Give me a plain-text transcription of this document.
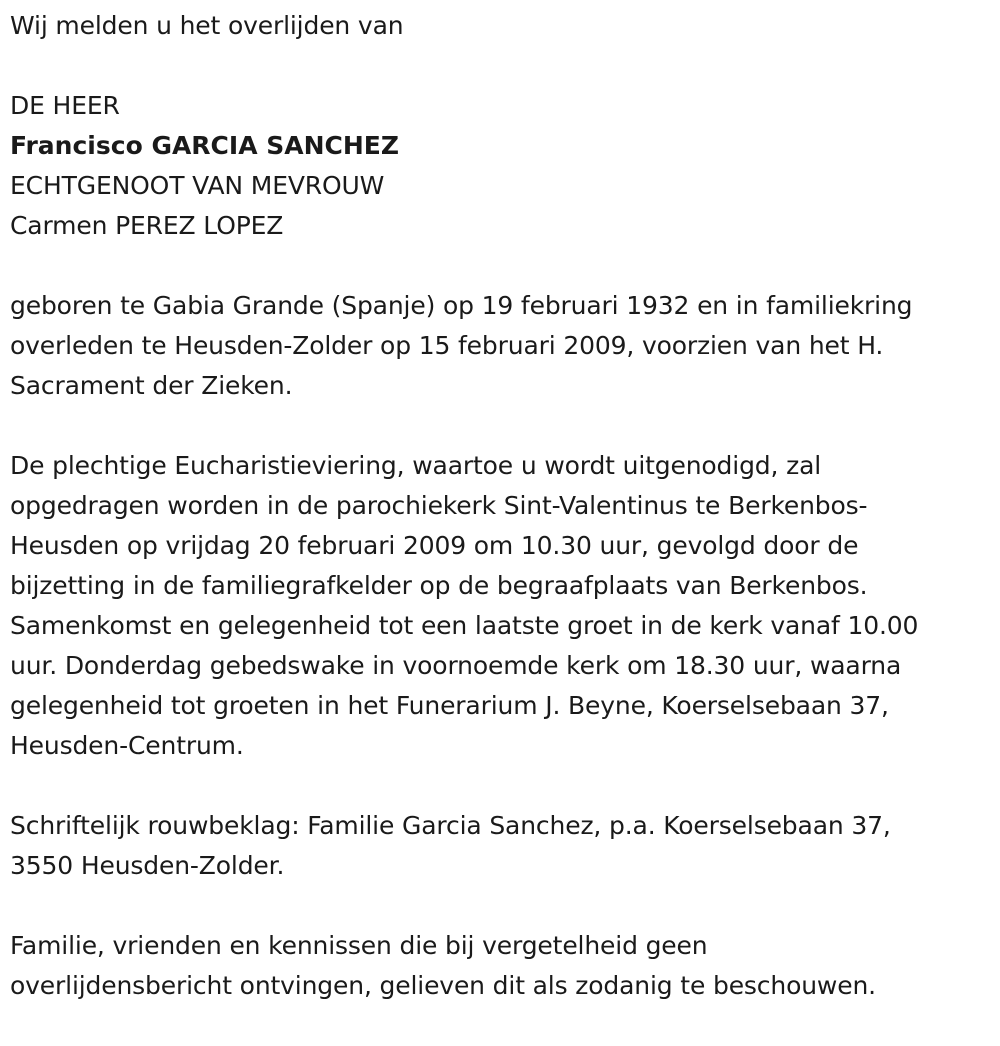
Wij melden u het overlijden van
DE HEER
Francisco GARCIA SANCHEZ
ECHTGENOOT VAN MEVROUW
Carmen PEREZ LOPEZ
geboren te Gabia Grande (Spanje) op 19 februari 1932 en in familiekring
overleden te Heusden-Zolder op 15 februari 2009, voorzien van het H.
Sacrament der Zieken.
De plechtige Eucharistieviering, waartoe u wordt uitgenodigd, zal
opgedragen worden in de parochiekerk Sint-Valentinus te Berkenbos-
Heusden op vrijdag 20 februari 2009 om 10.30 uur, gevolgd door de
bijzetting in de familiegrafkelder op de begraafplaats van Berkenbos.
Samenkomst en gelegenheid tot een laatste groet in de kerk vanaf 10.00
uur. Donderdag gebedswake in voornoemde kerk om 18.30 uur, waarna
gelegenheid tot groeten in het Funerarium J. Beyne, Koerselsebaan 37,
Heusden-Centrum.
Schriftelijk rouwbeklag: Familie Garcia Sanchez, p.a. Koerselsebaan 37,
3550 Heusden-Zolder.
Familie, vrienden en kennissen die bij vergetelheid geen
overlijdensbericht ontvingen, gelieven dit als zodanig te beschouwen.
